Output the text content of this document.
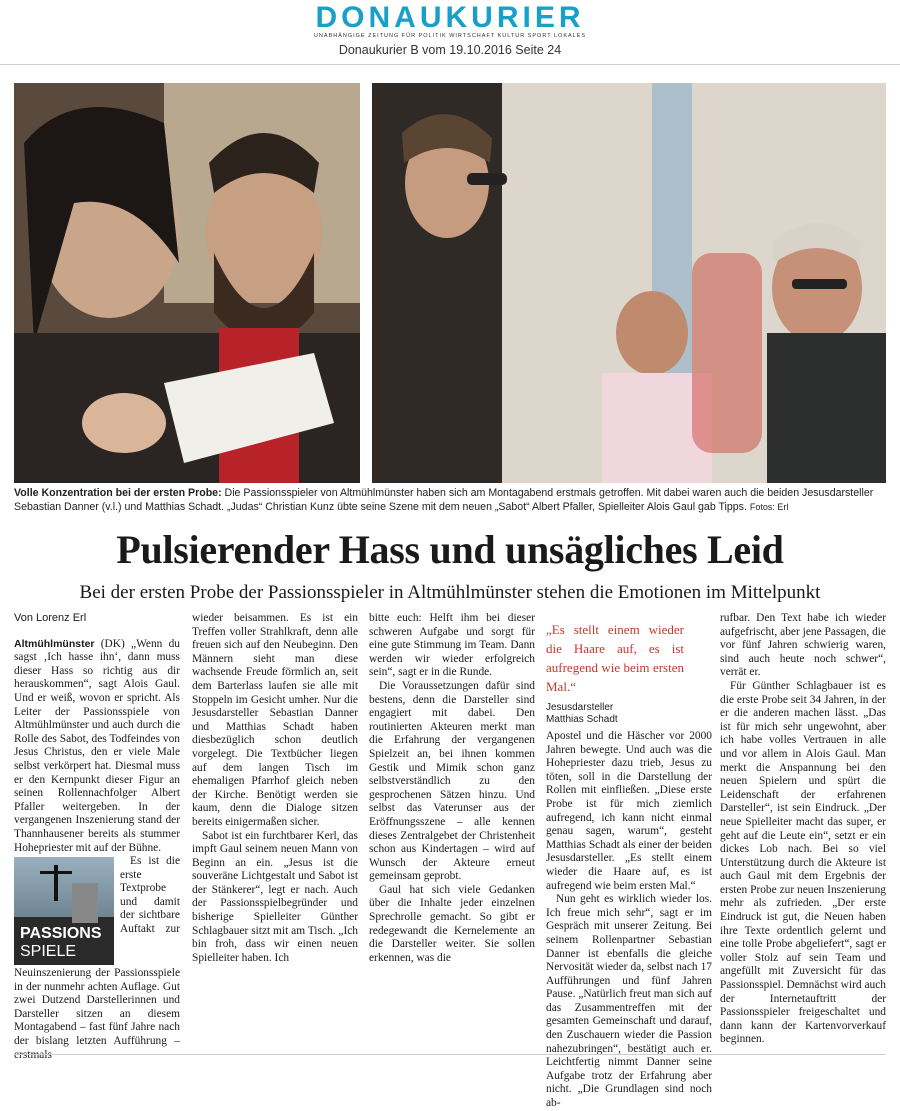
DONAUKURIER
UNABHÄNGIGE ZEITUNG FÜR POLITIK WIRTSCHAFT KULTUR SPORT LOKALES
Donaukurier B vom 19.10.2016 Seite 24
Volle Konzentration bei der ersten Probe: Die Passionsspieler von Altmühlmünster haben sich am Montagabend erstmals getroffen. Mit dabei waren auch die beiden Jesusdarsteller Sebastian Danner (v.l.) und Matthias Schadt. „Judas“ Christian Kunz übte seine Szene mit dem neuen „Sabot“ Albert Pfaller, Spielleiter Alois Gaul gab Tipps. Fotos: Erl
Pulsierender Hass und unsägliches Leid
Bei der ersten Probe der Passionsspieler in Altmühlmünster stehen die Emotionen im Mittelpunkt
Von Lorenz Erl

Altmühlmünster (DK) „Wenn du sagst ‚Ich hasse ihn‘, dann muss dieser Hass so richtig aus dir herauskommen“, sagt Alois Gaul. Und er weiß, wovon er spricht. Als Leiter der Passionsspiele von Altmühlmünster und auch durch die Rolle des Sabot, des Todfeindes von Jesus Christus, den er viele Male selbst verkörpert hat. Diesmal muss er den Kernpunkt dieser Figur an seinen Rollennachfolger Albert Pfaller weitergeben. In der vergangenen Inszenierung stand der Thannhausener bereits als stummer Hohepriester mit auf der Bühne.

PASSIONS
SPIELE

Es ist die erste Textprobe und damit der sichtbare Auftakt zur Neuinszenierung der Passionsspiele in der nunmehr achten Auflage. Gut zwei Dutzend Darstellerinnen und Darsteller sitzen an diesem Montagabend – fast fünf Jahre nach der bislang letzten Aufführung – erstmals

wieder beisammen. Es ist ein Treffen voller Strahlkraft, denn alle freuen sich auf den Neubeginn. Den Männern sieht man diese wachsende Freude förmlich an, seit dem Barterlass laufen sie alle mit Stoppeln im Gesicht umher. Nur die Jesusdarsteller Sebastian Danner und Matthias Schadt haben diesbezüglich schon deutlich vorgelegt. Die Textbücher liegen auf dem langen Tisch im ehemaligen Pfarrhof gleich neben der Kirche. Benötigt werden sie kaum, denn die Dialoge sitzen bereits einigermaßen sicher.

Sabot ist ein furchtbarer Kerl, das impft Gaul seinem neuen Mann von Beginn an ein. „Jesus ist die souveräne Lichtgestalt und Sabot ist der Stänkerer“, legt er nach. Auch der Passionsspielbegründer und bisherige Spielleiter Günther Schlagbauer sitzt mit am Tisch. „Ich bin froh, dass wir einen neuen Spielleiter haben. Ich

bitte euch: Helft ihm bei dieser schweren Aufgabe und sorgt für eine gute Stimmung im Team. Dann werden wir wieder erfolgreich sein“, sagt er in die Runde.

Die Voraussetzungen dafür sind bestens, denn die Darsteller sind engagiert mit dabei. Den routinierten Akteuren merkt man die Erfahrung der vergangenen Spielzeit an, bei ihnen kommen Gestik und Mimik schon ganz selbstverständlich zu den gesprochenen Sätzen hinzu. Und selbst das Vaterunser aus der Eröffnungsszene – alle kennen dieses Zentralgebet der Christenheit schon aus Kindertagen – wird auf Wunsch der Akteure erneut gemeinsam geprobt.

Gaul hat sich viele Gedanken über die Inhalte jeder einzelnen Sprechrolle gemacht. So gibt er redegewandt die Kernelemente an die Darsteller weiter. Sie sollen erkennen, was die

„Es stellt einem wieder die Haare auf, es ist aufregend wie beim ersten Mal.“
Jesusdarsteller
Matthias Schadt

Apostel und die Häscher vor 2000 Jahren bewegte. Und auch was die Hohepriester dazu trieb, Jesus zu töten, soll in die Darstellung der Rollen mit einfließen. „Diese erste Probe ist für mich ziemlich aufregend, ich kann nicht einmal genau sagen, warum“, gesteht Matthias Schadt als einer der beiden Jesusdarsteller. „Es stellt einem wieder die Haare auf, es ist aufregend wie beim ersten Mal.“

Nun geht es wirklich wieder los. Ich freue mich sehr“, sagt er im Gespräch mit unserer Zeitung. Bei seinem Rollenpartner Sebastian Danner ist ebenfalls die gleiche Nervosität wieder da, selbst nach 17 Aufführungen und fünf Jahren Pause. „Natürlich freut man sich auf das Zusammentreffen mit der gesamten Gemeinschaft und darauf, den Zuschauern wieder die Passion nahezubringen“, bestätigt auch er. Leichtfertig nimmt Danner seine Aufgabe trotz der Erfahrung aber nicht. „Die Grundlagen sind noch ab-

rufbar. Den Text habe ich wieder aufgefrischt, aber jene Passagen, die vor fünf Jahren schwierig waren, sind auch heute noch schwer“, verrät er.

Für Günther Schlagbauer ist es die erste Probe seit 34 Jahren, in der er die anderen machen lässt. „Das ist für mich sehr ungewohnt, aber ich habe volles Vertrauen in alle und vor allem in Alois Gaul. Man merkt die Anspannung bei den neuen Spielern und spürt die Leidenschaft der erfahrenen Darsteller“, ist sein Eindruck. „Der neue Spielleiter macht das super, er geht auf die Leute ein“, setzt er ein dickes Lob nach. Bei so viel Unterstützung durch die Akteure ist auch Gaul mit dem Ergebnis der ersten Probe zur neuen Inszenierung mehr als zufrieden. „Der erste Eindruck ist gut, die Neuen haben ihre Texte ordentlich gelernt und eine tolle Probe abgeliefert“, sagt er voller Stolz auf sein Team und angefüllt mit Zuversicht für das Passionsspiel. Demnächst wird auch der Internetauftritt der Passionsspieler freigeschaltet und dann kann der Kartenvorverkauf beginnen.
